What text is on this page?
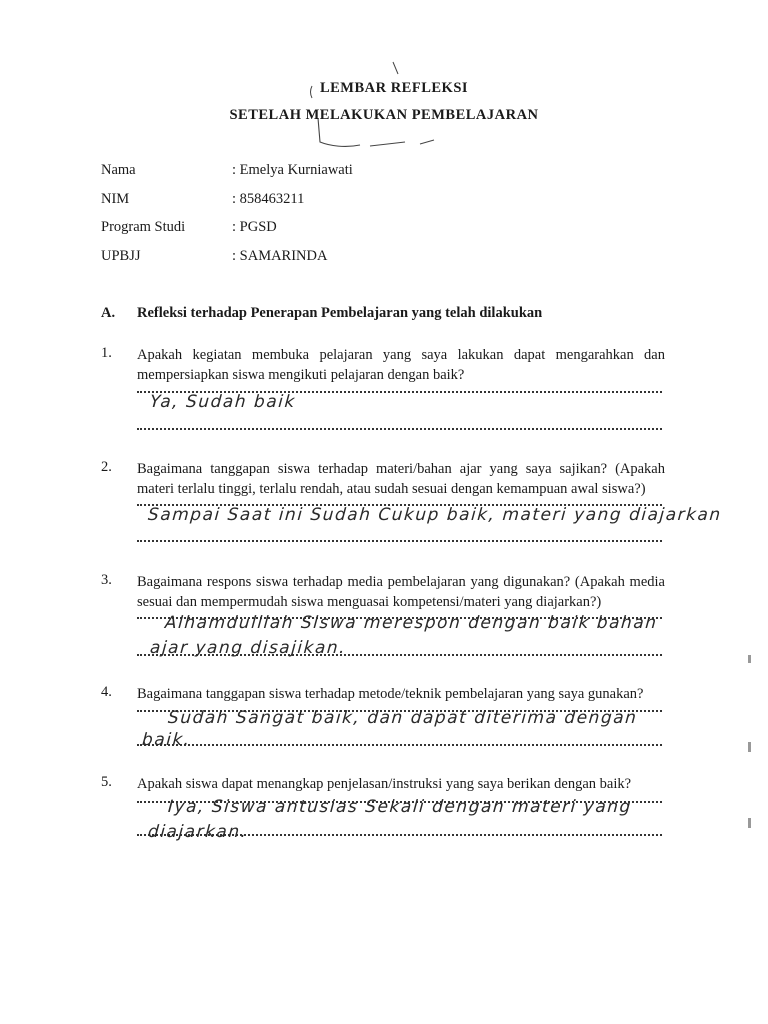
LEMBAR REFLEKSI
SETELAH MELAKUKAN PEMBELAJARAN
Nama	: Emelya Kurniawati
NIM	: 858463211
Program Studi	: PGSD
UPBJJ	: SAMARINDA
A. Refleksi terhadap Penerapan Pembelajaran yang telah dilakukan
1. Apakah kegiatan membuka pelajaran yang saya lakukan dapat mengarahkan dan mempersiapkan siswa mengikuti pelajaran dengan baik?
Ya, Sudah baik
2. Bagaimana tanggapan siswa terhadap materi/bahan ajar yang saya sajikan? (Apakah materi terlalu tinggi, terlalu rendah, atau sudah sesuai dengan kemampuan awal siswa?)
Sampai Saat ini Sudah Cukup baik, materi yang diajarkan
3. Bagaimana respons siswa terhadap media pembelajaran yang digunakan? (Apakah media sesuai dan mempermudah siswa menguasai kompetensi/materi yang diajarkan?)
Alhamdulilah Siswa merespon dengan baik bahan
ajar yang disajikan.
4. Bagaimana tanggapan siswa terhadap metode/teknik pembelajaran yang saya gunakan?
Sudah Sangat baik, dan dapat diterima dengan
baik.
5. Apakah siswa dapat menangkap penjelasan/instruksi yang saya berikan dengan baik?
Iya, Siswa antusias Sekali dengan materi yang
diajarkan.
